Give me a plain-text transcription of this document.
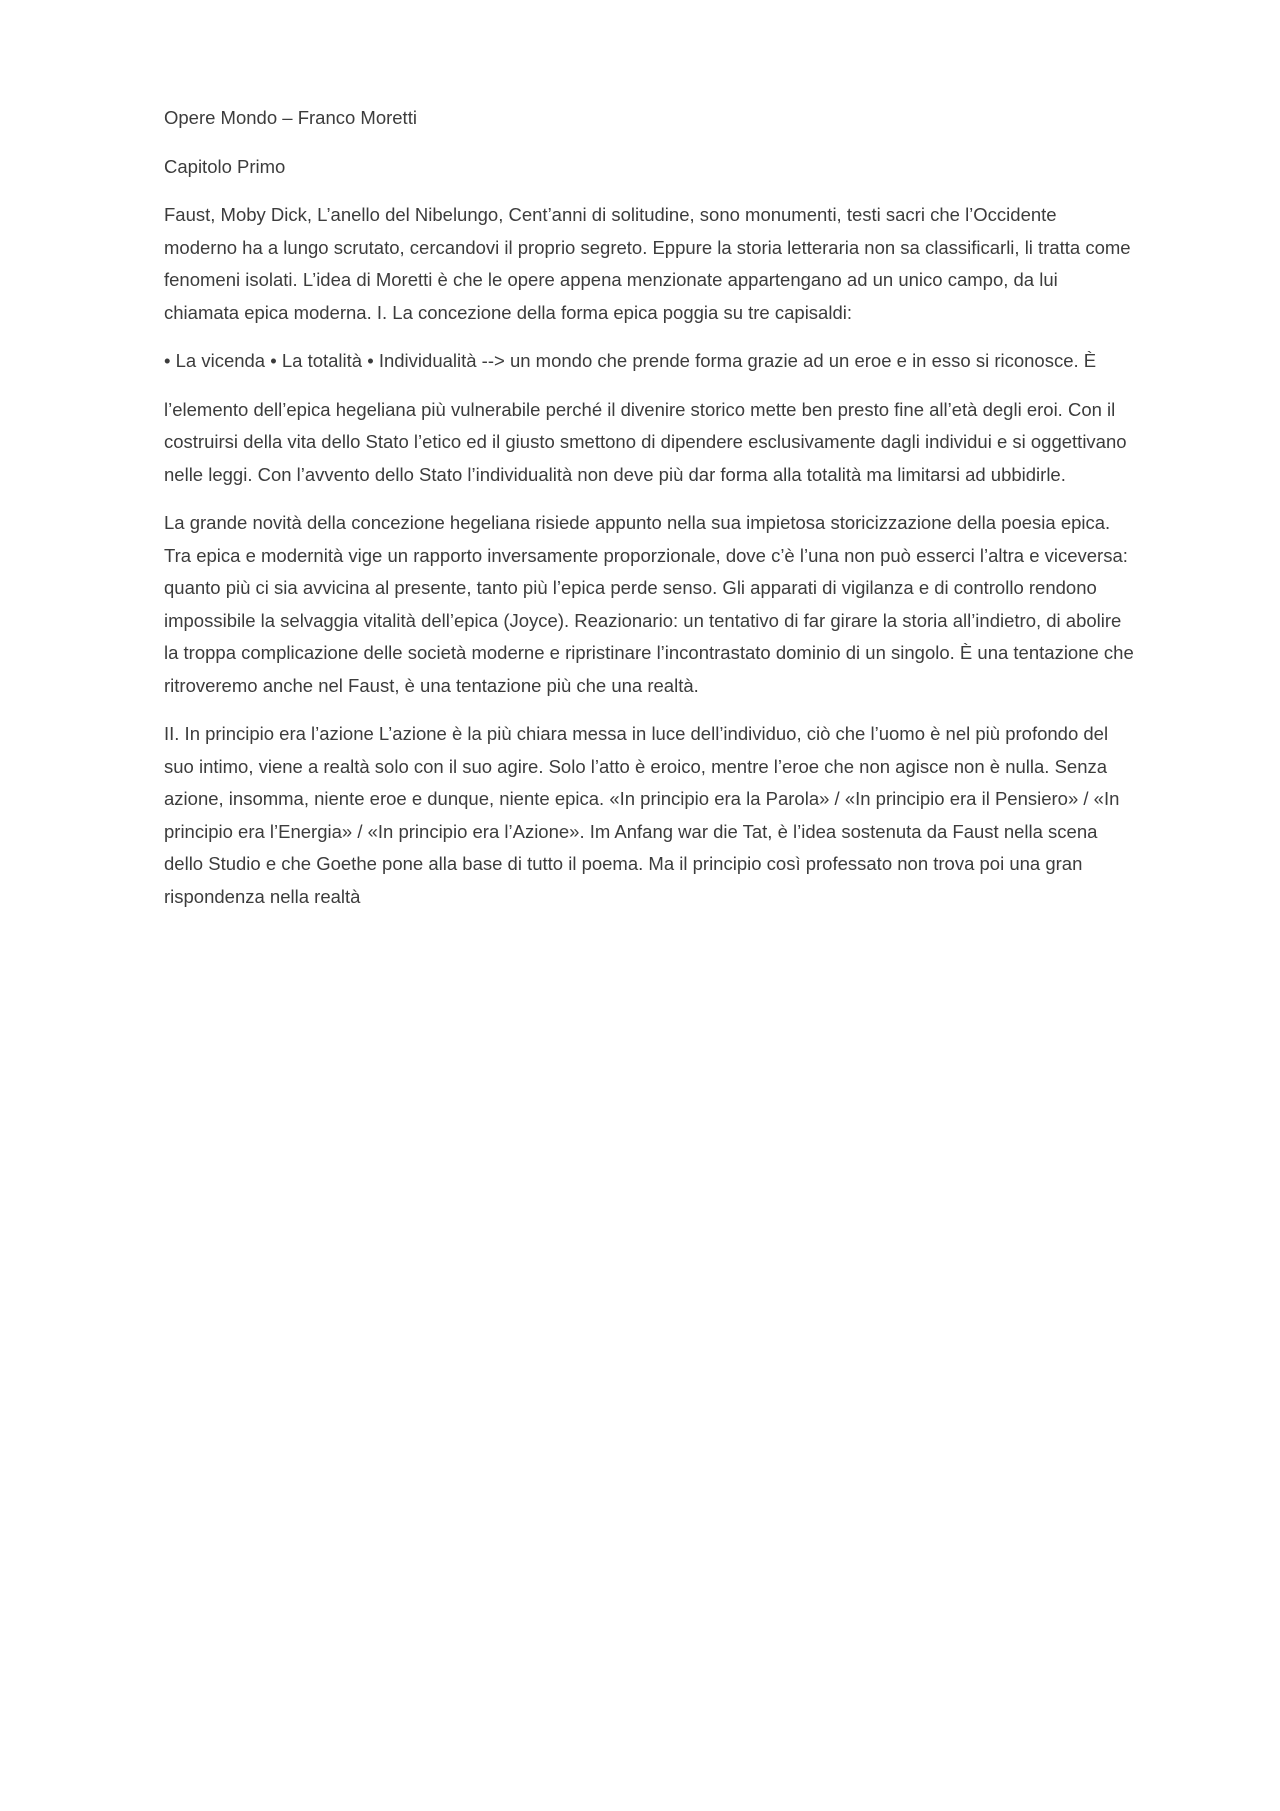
Opere Mondo – Franco Moretti

Capitolo Primo

Faust, Moby Dick, L’anello del Nibelungo, Cent’anni di solitudine, sono monumenti, testi sacri che l’Occidente moderno ha a lungo scrutato, cercandovi il proprio segreto. Eppure la storia letteraria non sa classificarli, li tratta come fenomeni isolati. L’idea di Moretti è che le opere appena menzionate appartengano ad un unico campo, da lui chiamata epica moderna. I. La concezione della forma epica poggia su tre capisaldi:

• La vicenda • La totalità • Individualità --> un mondo che prende forma grazie ad un eroe e in esso si riconosce. È

l’elemento dell’epica hegeliana più vulnerabile perché il divenire storico mette ben presto fine all’età degli eroi. Con il costruirsi della vita dello Stato l’etico ed il giusto smettono di dipendere esclusivamente dagli individui e si oggettivano nelle leggi. Con l’avvento dello Stato l’individualità non deve più dar forma alla totalità ma limitarsi ad ubbidirle.

La grande novità della concezione hegeliana risiede appunto nella sua impietosa storicizzazione della poesia epica. Tra epica e modernità vige un rapporto inversamente proporzionale, dove c’è l’una non può esserci l’altra e viceversa: quanto più ci sia avvicina al presente, tanto più l’epica perde senso. Gli apparati di vigilanza e di controllo rendono impossibile la selvaggia vitalità dell’epica (Joyce). Reazionario: un tentativo di far girare la storia all’indietro, di abolire la troppa complicazione delle società moderne e ripristinare l’incontrastato dominio di un singolo. È una tentazione che ritroveremo anche nel Faust, è una tentazione più che una realtà.

II. In principio era l’azione L’azione è la più chiara messa in luce dell’individuo, ciò che l’uomo è nel più profondo del suo intimo, viene a realtà solo con il suo agire. Solo l’atto è eroico, mentre l’eroe che non agisce non è nulla. Senza azione, insomma, niente eroe e dunque, niente epica. «In principio era la Parola» / «In principio era il Pensiero» / «In principio era l’Energia» / «In principio era l’Azione». Im Anfang war die Tat, è l’idea sostenuta da Faust nella scena dello Studio e che Goethe pone alla base di tutto il poema. Ma il principio così professato non trova poi una gran rispondenza nella realtà
